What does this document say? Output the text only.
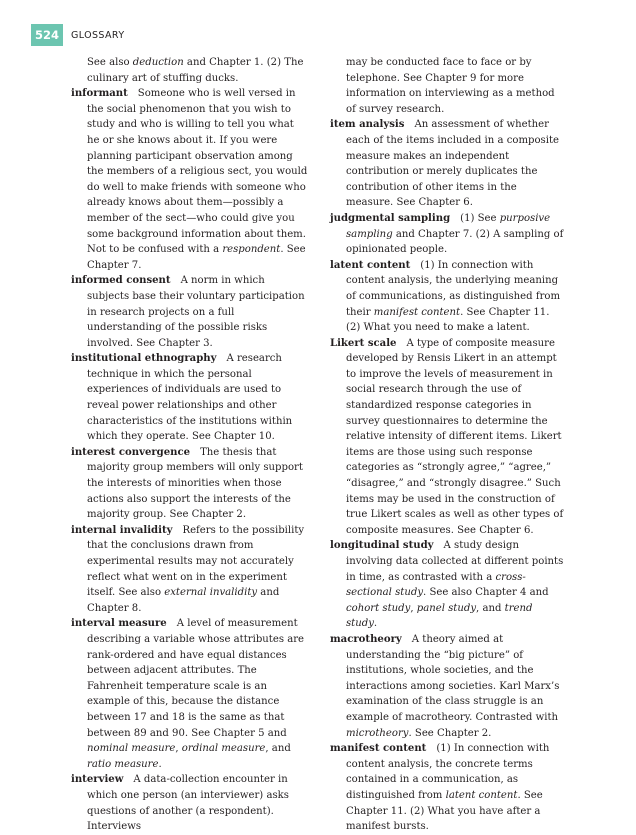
524	GLOSSARY

See also deduction and Chapter 1. (2) The culinary art of stuffing ducks.

informant Someone who is well versed in the social phenomenon that you wish to study and who is willing to tell you what he or she knows about it. If you were planning participant observation among the members of a religious sect, you would do well to make friends with someone who already knows about them—possibly a member of the sect—who could give you some background information about them. Not to be confused with a respondent. See Chapter 7.

informed consent A norm in which subjects base their voluntary participation in research projects on a full understanding of the possible risks involved. See Chapter 3.

institutional ethnography A research technique in which the personal experiences of individuals are used to reveal power relationships and other characteristics of the institutions within which they operate. See Chapter 10.

interest convergence The thesis that majority group members will only support the interests of minorities when those actions also support the interests of the majority group. See Chapter 2.

internal invalidity Refers to the possibility that the conclusions drawn from experimental results may not accurately reflect what went on in the experiment itself. See also external invalidity and Chapter 8.

interval measure A level of measurement describing a variable whose attributes are rank-ordered and have equal distances between adjacent attributes. The Fahrenheit temperature scale is an example of this, because the distance between 17 and 18 is the same as that between 89 and 90. See Chapter 5 and nominal measure, ordinal measure, and ratio measure.

interview A data-collection encounter in which one person (an interviewer) asks questions of another (a respondent). Interviews

may be conducted face to face or by telephone. See Chapter 9 for more information on interviewing as a method of survey research.

item analysis An assessment of whether each of the items included in a composite measure makes an independent contribution or merely duplicates the contribution of other items in the measure. See Chapter 6.

judgmental sampling (1) See purposive sampling and Chapter 7. (2) A sampling of opinionated people.

latent content (1) In connection with content analysis, the underlying meaning of communications, as distinguished from their manifest content. See Chapter 11. (2) What you need to make a latent.

Likert scale A type of composite measure developed by Rensis Likert in an attempt to improve the levels of measurement in social research through the use of standardized response categories in survey questionnaires to determine the relative intensity of different items. Likert items are those using such response categories as “strongly agree,” “agree,” “disagree,” and “strongly disagree.” Such items may be used in the construction of true Likert scales as well as other types of composite measures. See Chapter 6.

longitudinal study A study design involving data collected at different points in time, as contrasted with a cross-sectional study. See also Chapter 4 and cohort study, panel study, and trend study.

macrotheory A theory aimed at understanding the “big picture” of institutions, whole societies, and the interactions among societies. Karl Marx’s examination of the class struggle is an example of macrotheory. Contrasted with microtheory. See Chapter 2.

manifest content (1) In connection with content analysis, the concrete terms contained in a communication, as distinguished from latent content. See Chapter 11. (2) What you have after a manifest bursts.
